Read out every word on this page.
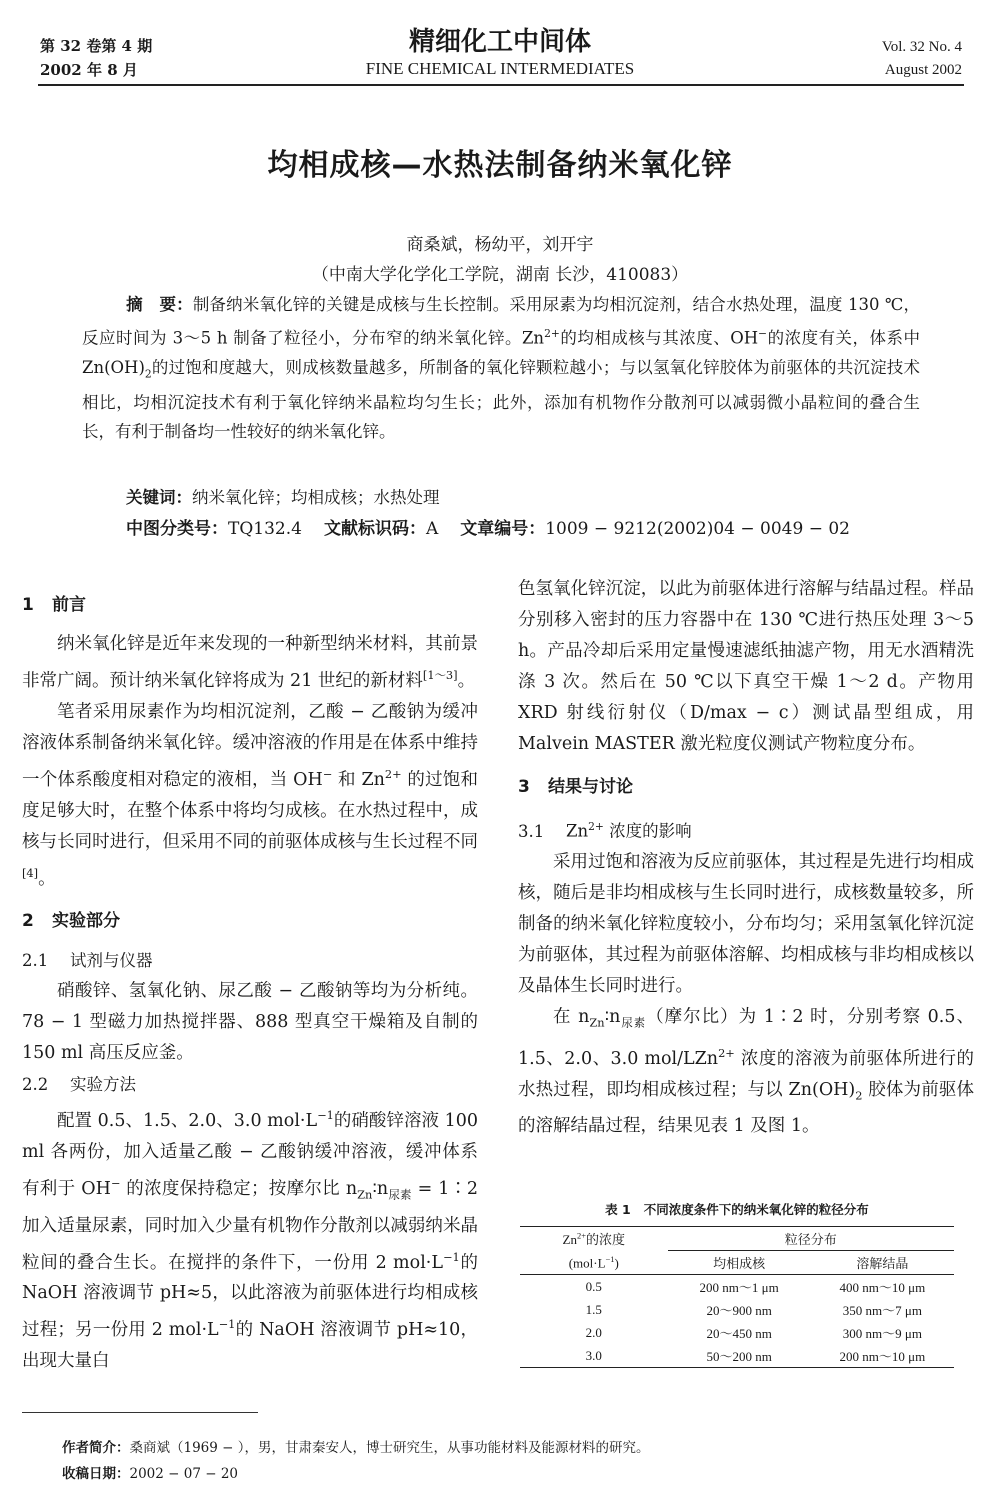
第 32 卷第 4 期
2002 年 8 月
精细化工中间体
FINE CHEMICAL INTERMEDIATES
Vol. 32 No. 4
August 2002
均相成核—水热法制备纳米氧化锌
商桑斌，杨幼平，刘开宇
（中南大学化学化工学院，湖南 长沙，410083）
摘　要：制备纳米氧化锌的关键是成核与生长控制。采用尿素为均相沉淀剂，结合水热处理，温度 130 ℃，反应时间为 3～5 h 制备了粒径小，分布窄的纳米氧化锌。$Zn^{2+}$的均相成核与其浓度、OH−的浓度有关，体系中 $Zn(OH)_2$的过饱和度越大，则成核数量越多，所制备的氧化锌颗粒越小；与以氢氧化锌胶体为前驱体的共沉淀技术相比，均相沉淀技术有利于氧化锌纳米晶粒均匀生长；此外，添加有机物作分散剂可以减弱微小晶粒间的叠合生长，有利于制备均一性较好的纳米氧化锌。
关键词：纳米氧化锌；均相成核；水热处理
中图分类号：TQ132.4 文献标识码：A 文章编号：1009 − 9212(2002)04 − 0049 − 02
1 前言

纳米氧化锌是近年来发现的一种新型纳米材料，其前景非常广阔。预计纳米氧化锌将成为 21 世纪的新材料[1～3]。

笔者采用尿素作为均相沉淀剂，乙酸 − 乙酸钠为缓冲溶液体系制备纳米氧化锌。缓冲溶液的作用是在体系中维持一个体系酸度相对稳定的液相，当 OH− 和 $Zn^{2+}$ 的过饱和度足够大时，在整个体系中将均匀成核。在水热过程中，成核与长同时进行，但采用不同的前驱体成核与生长过程不同[4]。

2 实验部分
2.1 试剂与仪器

硝酸锌、氢氧化钠、尿乙酸 − 乙酸钠等均为分析纯。78 − 1 型磁力加热搅拌器、888 型真空干燥箱及自制的 150 ml 高压反应釜。

2.2 实验方法

配置 0.5、1.5、2.0、3.0 $mol\cdot L^{-1}$的硝酸锌溶液 100 ml 各两份，加入适量乙酸 − 乙酸钠缓冲溶液，缓冲体系有利于 OH− 的浓度保持稳定；按摩尔比 $n_{Zn}∶n_{尿素}$ = 1∶2 加入适量尿素，同时加入少量有机物作分散剂以减弱纳米晶粒间的叠合生长。在搅拌的条件下，一份用 2 $mol\cdot L^{-1}$的 NaOH 溶液调节 pH≈5，以此溶液为前驱体进行均相成核过程；另一份用 2 $mol\cdot L^{-1}$的 NaOH 溶液调节 pH≈10，出现大量白

色氢氧化锌沉淀，以此为前驱体进行溶解与结晶过程。样品分别移入密封的压力容器中在 130 ℃进行热压处理 3～5 h。产品冷却后采用定量慢速滤纸抽滤产物，用无水酒精洗涤 3 次。然后在 50 ℃以下真空干燥 1～2 d。产物用 XRD 射线衍射仪（D/max − c）测试晶型组成，用 Malvein MASTER 激光粒度仪测试产物粒度分布。

3 结果与讨论
3.1 $Zn^{2+}$ 浓度的影响

采用过饱和溶液为反应前驱体，其过程是先进行均相成核，随后是非均相成核与生长同时进行，成核数量较多，所制备的纳米氧化锌粒度较小，分布均匀；采用氢氧化锌沉淀为前驱体，其过程为前驱体溶解、均相成核与非均相成核以及晶体生长同时进行。

在 $n_{Zn}∶n_{尿素}$（摩尔比）为 1∶2 时，分别考察 0.5、1.5、2.0、3.0 mol/LZn$^{2+}$ 浓度的溶液为前驱体所进行的水热过程，即均相成核过程；与以 $Zn(OH)_2$ 胶体为前驱体的溶解结晶过程，结果见表 1 及图 1。

表 1 不同浓度条件下的纳米氧化锌的粒径分布
$Zn^{2+}$的浓度	粒径分布	
$(mol\cdot L^{-1})$	均相成核	溶解结晶
0.5	200 nm～1 μm	400 nm～10 μm
1.5	20～900 nm	350 nm～7 μm
2.0	20～450 nm	300 nm～9 μm
3.0	50～200 nm	200 nm～10 μm
作者简介：桑商斌（1969 − ），男，甘肃秦安人，博士研究生，从事功能材料及能源材料的研究。
收稿日期：2002 − 07 − 20
